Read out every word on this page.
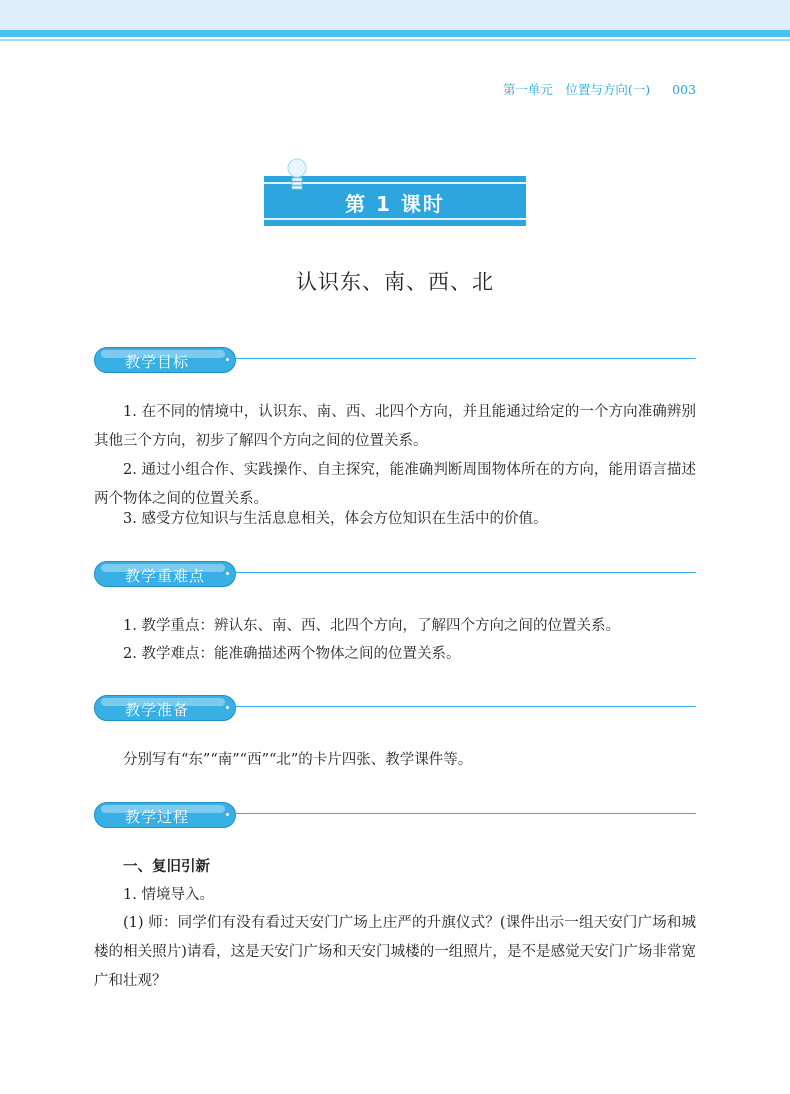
第一单元　位置与方向(一) 003
第 1 课时
认识东、南、西、北
教学目标
1. 在不同的情境中，认识东、南、西、北四个方向，并且能通过给定的一个方向准确辨别其他三个方向，初步了解四个方向之间的位置关系。
2. 通过小组合作、实践操作、自主探究，能准确判断周围物体所在的方向，能用语言描述两个物体之间的位置关系。
3. 感受方位知识与生活息息相关，体会方位知识在生活中的价值。
教学重难点
1. 教学重点：辨认东、南、西、北四个方向，了解四个方向之间的位置关系。
2. 教学难点：能准确描述两个物体之间的位置关系。
教学准备
分别写有“东”“南”“西”“北”的卡片四张、教学课件等。
教学过程
一、复旧引新
1. 情境导入。
(1) 师：同学们有没有看过天安门广场上庄严的升旗仪式？(课件出示一组天安门广场和城楼的相关照片)请看，这是天安门广场和天安门城楼的一组照片，是不是感觉天安门广场非常宽广和壮观？
